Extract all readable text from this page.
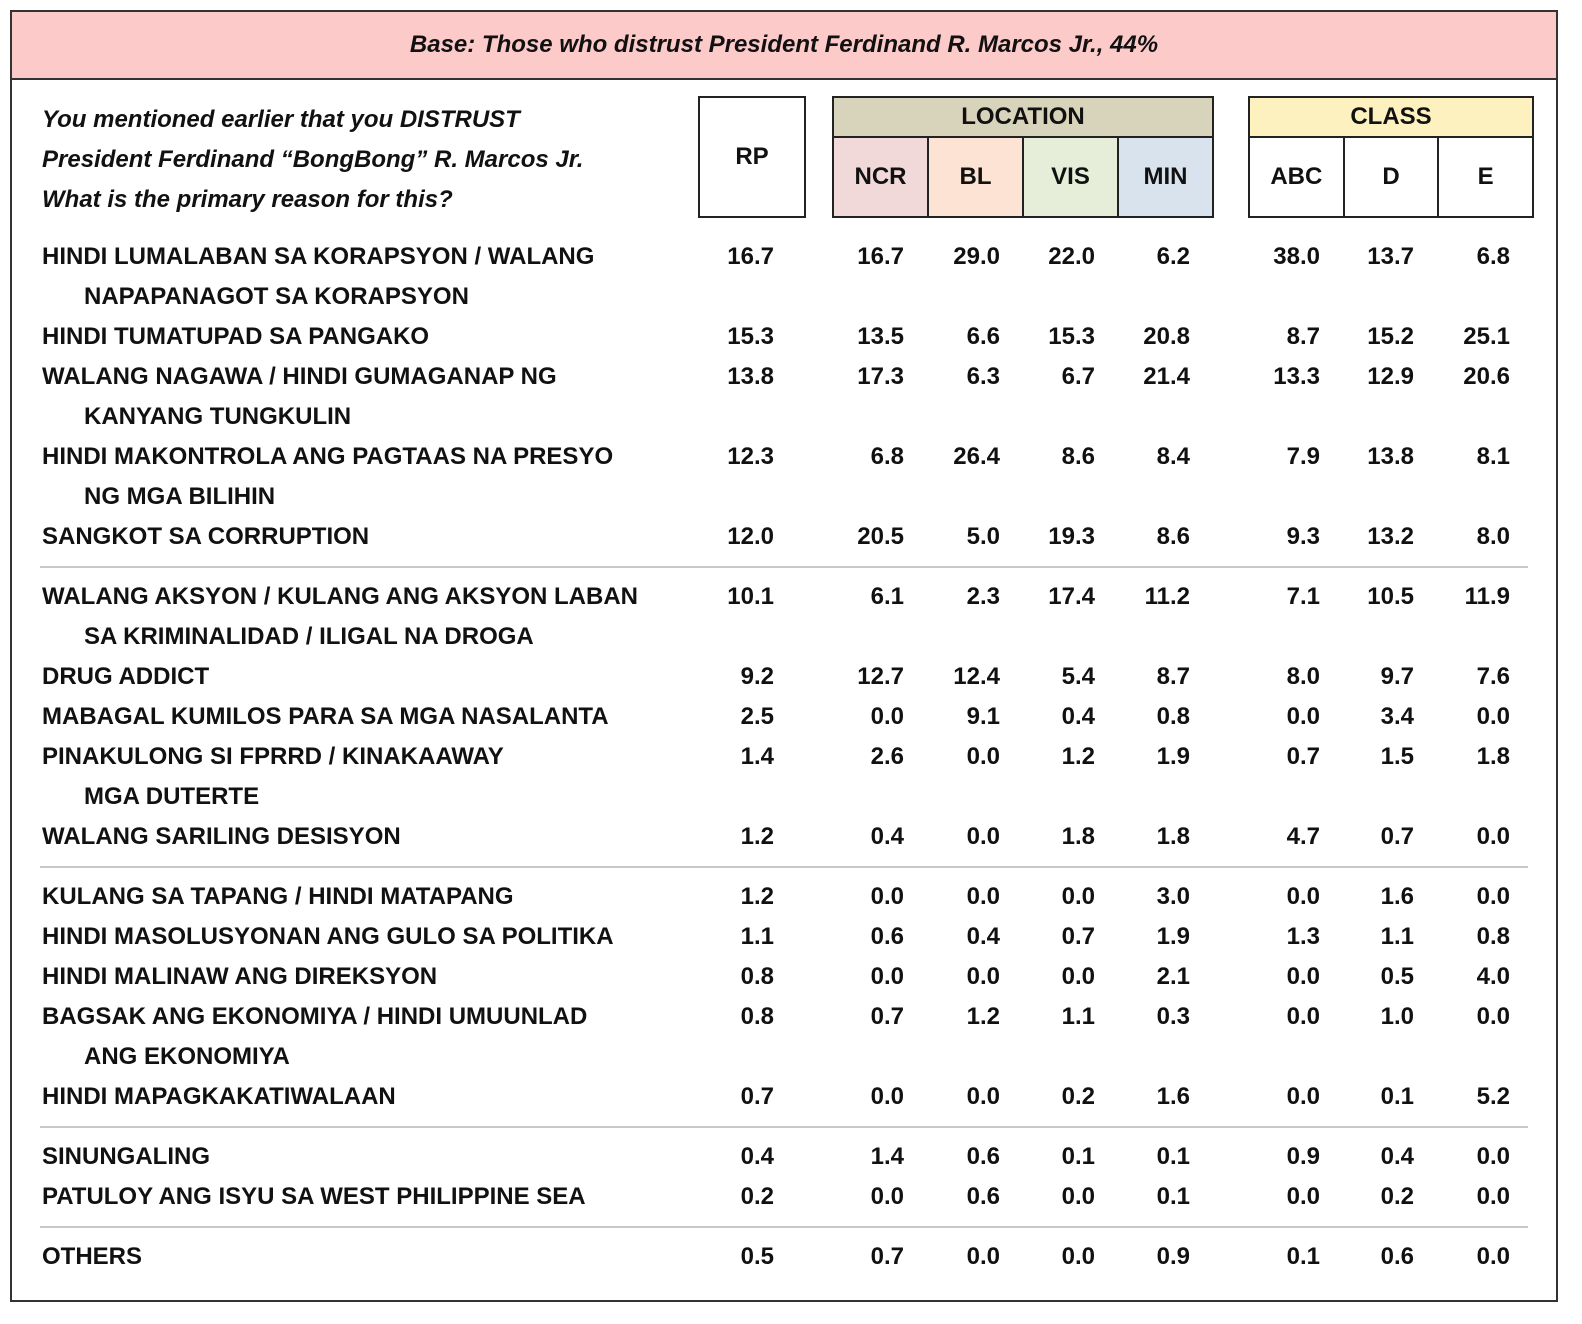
Base: Those who distrust President Ferdinand R. Marcos Jr., 44%
You mentioned earlier that you DISTRUST
President Ferdinand “BongBong” R. Marcos Jr.
What is the primary reason for this?
RP
LOCATION
NCR	BL	VIS	MIN
CLASS
ABC	D	E
HINDI LUMALABAN SA KORAPSYON / WALANG
NAPAPANAGOT SA KORAPSYON
16.7	16.7	29.0	22.0	6.2	38.0	13.7	6.8
HINDI TUMATUPAD SA PANGAKO	15.3	13.5	6.6	15.3	20.8	8.7	15.2	25.1
WALANG NAGAWA / HINDI GUMAGANAP NG
KANYANG TUNGKULIN
13.8	17.3	6.3	6.7	21.4	13.3	12.9	20.6
HINDI MAKONTROLA ANG PAGTAAS NA PRESYO
NG MGA BILIHIN
12.3	6.8	26.4	8.6	8.4	7.9	13.8	8.1
SANGKOT SA CORRUPTION	12.0	20.5	5.0	19.3	8.6	9.3	13.2	8.0
WALANG AKSYON / KULANG ANG AKSYON LABAN
SA KRIMINALIDAD / ILIGAL NA DROGA
10.1	6.1	2.3	17.4	11.2	7.1	10.5	11.9
DRUG ADDICT	9.2	12.7	12.4	5.4	8.7	8.0	9.7	7.6
MABAGAL KUMILOS PARA SA MGA NASALANTA	2.5	0.0	9.1	0.4	0.8	0.0	3.4	0.0
PINAKULONG SI FPRRD / KINAKAAWAY
MGA DUTERTE
1.4	2.6	0.0	1.2	1.9	0.7	1.5	1.8
WALANG SARILING DESISYON	1.2	0.4	0.0	1.8	1.8	4.7	0.7	0.0
KULANG SA TAPANG / HINDI MATAPANG	1.2	0.0	0.0	0.0	3.0	0.0	1.6	0.0
HINDI MASOLUSYONAN ANG GULO SA POLITIKA	1.1	0.6	0.4	0.7	1.9	1.3	1.1	0.8
HINDI MALINAW ANG DIREKSYON	0.8	0.0	0.0	0.0	2.1	0.0	0.5	4.0
BAGSAK ANG EKONOMIYA / HINDI UMUUNLAD
ANG EKONOMIYA
0.8	0.7	1.2	1.1	0.3	0.0	1.0	0.0
HINDI MAPAGKAKATIWALAAN	0.7	0.0	0.0	0.2	1.6	0.0	0.1	5.2
SINUNGALING	0.4	1.4	0.6	0.1	0.1	0.9	0.4	0.0
PATULOY ANG ISYU SA WEST PHILIPPINE SEA	0.2	0.0	0.6	0.0	0.1	0.0	0.2	0.0
OTHERS	0.5	0.7	0.0	0.0	0.9	0.1	0.6	0.0
